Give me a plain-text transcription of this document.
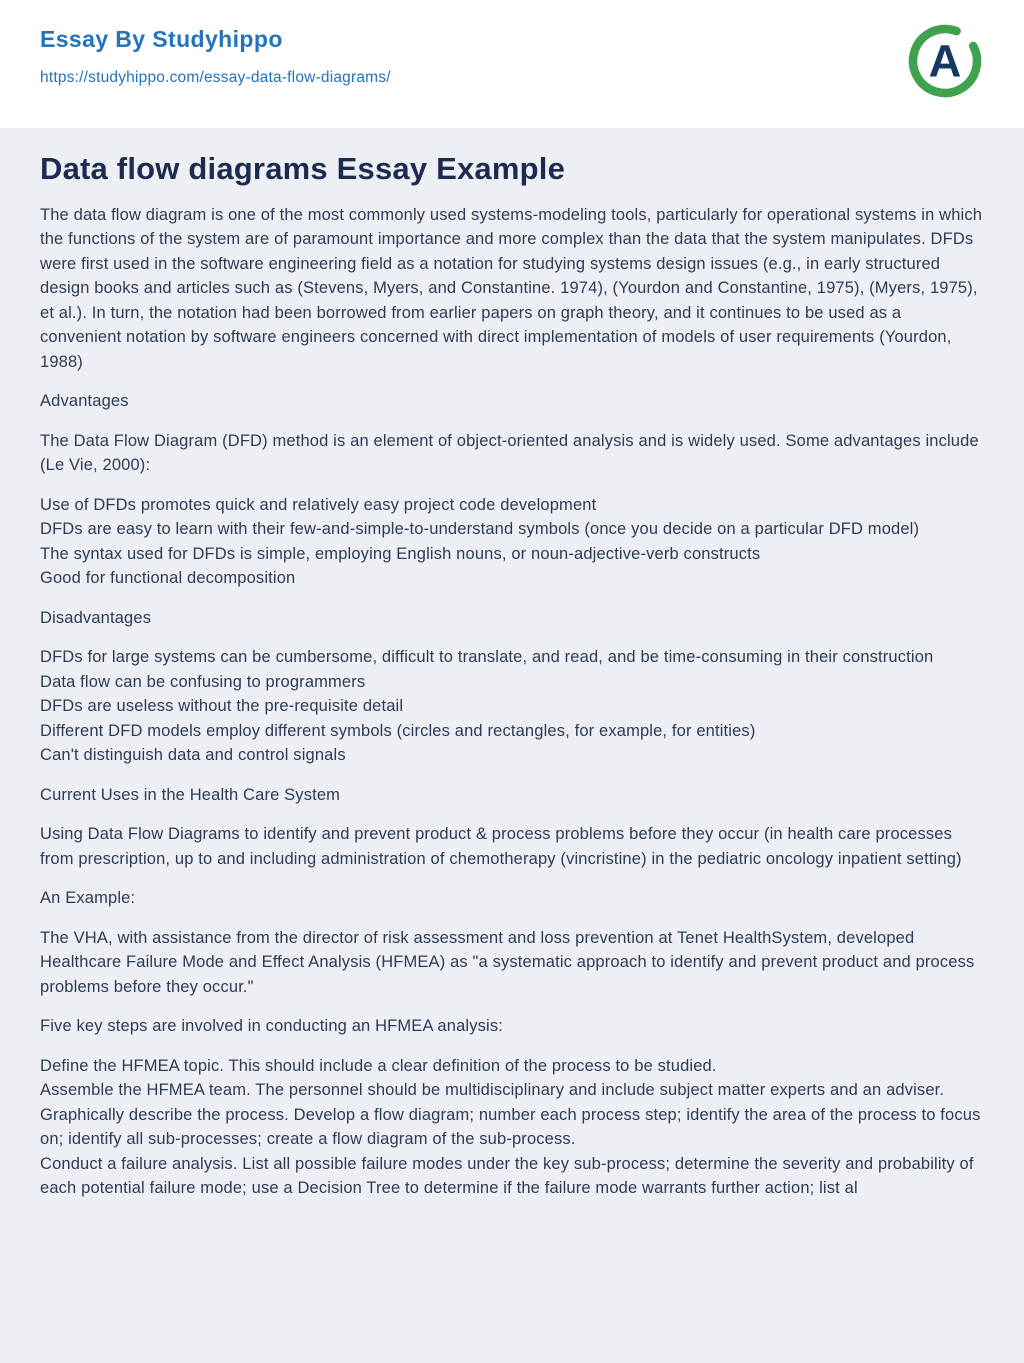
Essay By Studyhippo
https://studyhippo.com/essay-data-flow-diagrams/	A
Data flow diagrams Essay Example

The data flow diagram is one of the most commonly used systems-modeling tools, particularly for operational systems in which the functions of the system are of paramount importance and more complex than the data that the system manipulates. DFDs were first used in the software engineering field as a notation for studying systems design issues (e.g., in early structured design books and articles such as (Stevens, Myers, and Constantine. 1974), (Yourdon and Constantine, 1975), (Myers, 1975), et al.). In turn, the notation had been borrowed from earlier papers on graph theory, and it continues to be used as a convenient notation by software engineers concerned with direct implementation of models of user requirements (Yourdon, 1988)

Advantages

The Data Flow Diagram (DFD) method is an element of object-oriented analysis and is widely used. Some advantages include (Le Vie, 2000):

Use of DFDs promotes quick and relatively easy project code development

DFDs are easy to learn with their few-and-simple-to-understand symbols (once you decide on a particular DFD model)

The syntax used for DFDs is simple, employing English nouns, or noun-adjective-verb constructs

Good for functional decomposition

Disadvantages

DFDs for large systems can be cumbersome, difficult to translate, and read, and be time-consuming in their construction

Data flow can be confusing to programmers

DFDs are useless without the pre-requisite detail

Different DFD models employ different symbols (circles and rectangles, for example, for entities)

Can't distinguish data and control signals

Current Uses in the Health Care System

Using Data Flow Diagrams to identify and prevent product & process problems before they occur (in health care processes from prescription, up to and including administration of chemotherapy (vincristine) in the pediatric oncology inpatient setting)

An Example:

The VHA, with assistance from the director of risk assessment and loss prevention at Tenet HealthSystem, developed Healthcare Failure Mode and Effect Analysis (HFMEA) as "a systematic approach to identify and prevent product and process problems before they occur."

Five key steps are involved in conducting an HFMEA analysis:

Define the HFMEA topic. This should include a clear definition of the process to be studied.

Assemble the HFMEA team. The personnel should be multidisciplinary and include subject matter experts and an adviser.

Graphically describe the process. Develop a flow diagram; number each process step; identify the area of the process to focus on; identify all sub-processes; create a flow diagram of the sub-process.

Conduct a failure analysis. List all possible failure modes under the key sub-process; determine the severity and probability of each potential failure mode; use a Decision Tree to determine if the failure mode warrants further action; list al
